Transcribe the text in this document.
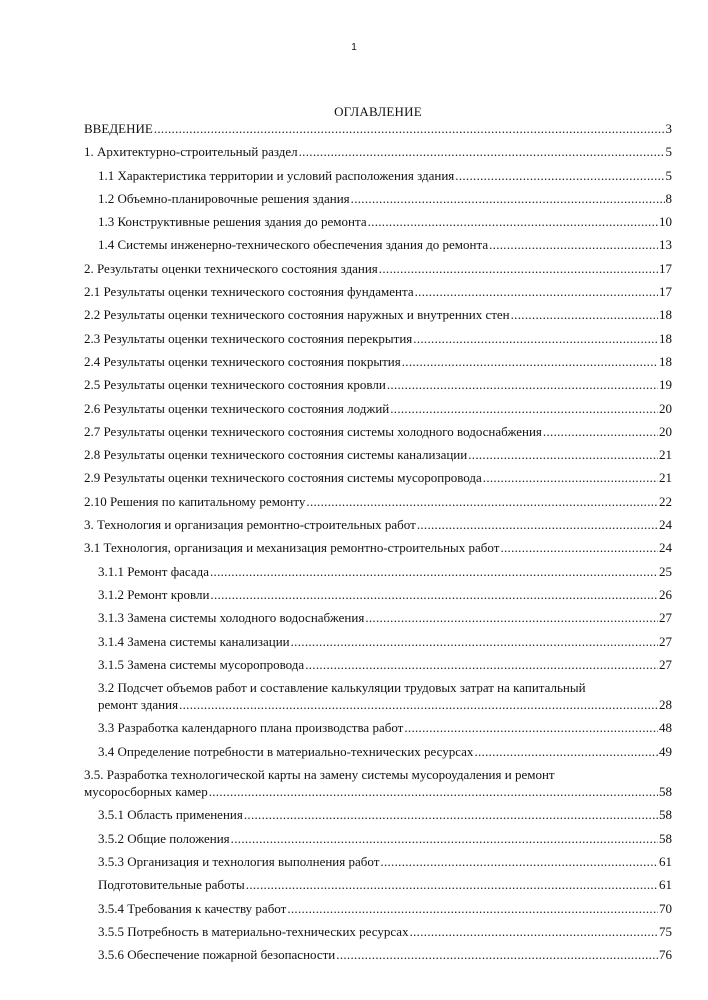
1
ОГЛАВЛЕНИЕ
ВВЕДЕНИЕ .....	3
1. Архитектурно-строительный раздел .....	5
1.1 Характеристика территории и условий расположения здания .....	5
1.2 Объемно-планировочные решения здания .....	8
1.3 Конструктивные решения здания до ремонта .....	10
1.4 Системы инженерно-технического обеспечения здания до ремонта .....	13
2. Результаты оценки технического состояния здания .....	17
2.1 Результаты оценки технического состояния фундамента .....	17
2.2 Результаты оценки технического состояния наружных и внутренних стен .....	18
2.3 Результаты оценки технического состояния перекрытия .....	18
2.4 Результаты оценки технического состояния покрытия .....	18
2.5 Результаты оценки технического состояния кровли .....	19
2.6 Результаты оценки технического состояния лоджий .....	20
2.7 Результаты оценки технического состояния системы холодного водоснабжения .....	20
2.8 Результаты оценки технического состояния системы канализации .....	21
2.9 Результаты оценки технического состояния системы мусоропровода .....	21
2.10 Решения по капитальному ремонту .....	22
3. Технология и организация ремонтно-строительных работ .....	24
3.1 Технология, организация и механизация ремонтно-строительных работ .....	24
3.1.1 Ремонт фасада .....	25
3.1.2 Ремонт кровли .....	26
3.1.3 Замена системы холодного водоснабжения .....	27
3.1.4 Замена системы канализации .....	27
3.1.5 Замена системы мусоропровода .....	27
3.2 Подсчет объемов работ и составление калькуляции трудовых затрат на капитальный
ремонт здания .....	28
3.3 Разработка календарного плана производства работ .....	48
3.4 Определение потребности в материально-технических ресурсах .....	49
3.5. Разработка технологической карты на замену системы мусороудаления и ремонт
мусоросборных камер .....	58
3.5.1 Область применения .....	58
3.5.2 Общие положения .....	58
3.5.3 Организация и технология выполнения работ .....	61
Подготовительные работы .....	61
3.5.4 Требования к качеству работ .....	70
3.5.5 Потребность в материально-технических ресурсах .....	75
3.5.6 Обеспечение пожарной безопасности .....	76
